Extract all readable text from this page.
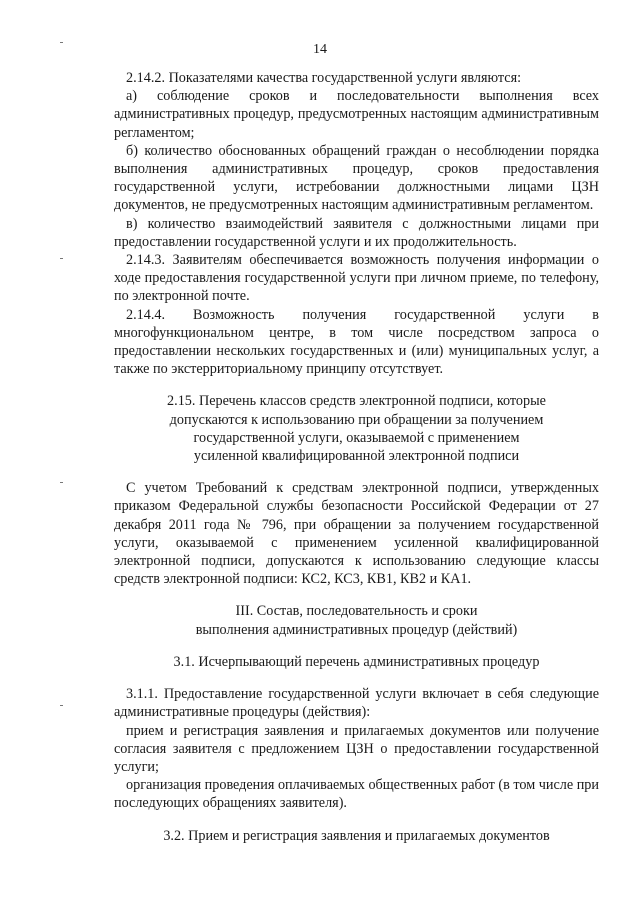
14

2.14.2. Показателями качества государственной услуги являются:

а) соблюдение сроков и последовательности выполнения всех административных процедур, предусмотренных настоящим административным регламентом;

б) количество обоснованных обращений граждан о несоблюдении порядка выполнения административных процедур, сроков предоставления государственной услуги, истребовании должностными лицами ЦЗН документов, не предусмотренных настоящим административным регламентом.

в) количество взаимодействий заявителя с должностными лицами при предоставлении государственной услуги и их продолжительность.

2.14.3. Заявителям обеспечивается возможность получения информации о ходе предоставления государственной услуги при личном приеме, по телефону, по электронной почте.

2.14.4. Возможность получения государственной услуги в многофункциональном центре, в том числе посредством запроса о предоставлении нескольких государственных и (или) муниципальных услуг, а также по экстерриториальному принципу отсутствует.

2.15. Перечень классов средств электронной подписи, которые

допускаются к использованию при обращении за получением

государственной услуги, оказываемой с применением

усиленной квалифицированной электронной подписи

С учетом Требований к средствам электронной подписи, утвержденных приказом Федеральной службы безопасности Российской Федерации от 27 декабря 2011 года № 796, при обращении за получением государственной услуги, оказываемой с применением усиленной квалифицированной электронной подписи, допускаются к использованию следующие классы средств электронной подписи: КС2, КС3, КВ1, КВ2 и КА1.

III. Состав, последовательность и сроки

выполнения административных процедур (действий)

3.1. Исчерпывающий перечень административных процедур

3.1.1. Предоставление государственной услуги включает в себя следующие административные процедуры (действия):

прием и регистрация заявления и прилагаемых документов или получение согласия заявителя с предложением ЦЗН о предоставлении государственной услуги;

организация проведения оплачиваемых общественных работ (в том числе при последующих обращениях заявителя).

3.2. Прием и регистрация заявления и прилагаемых документов
